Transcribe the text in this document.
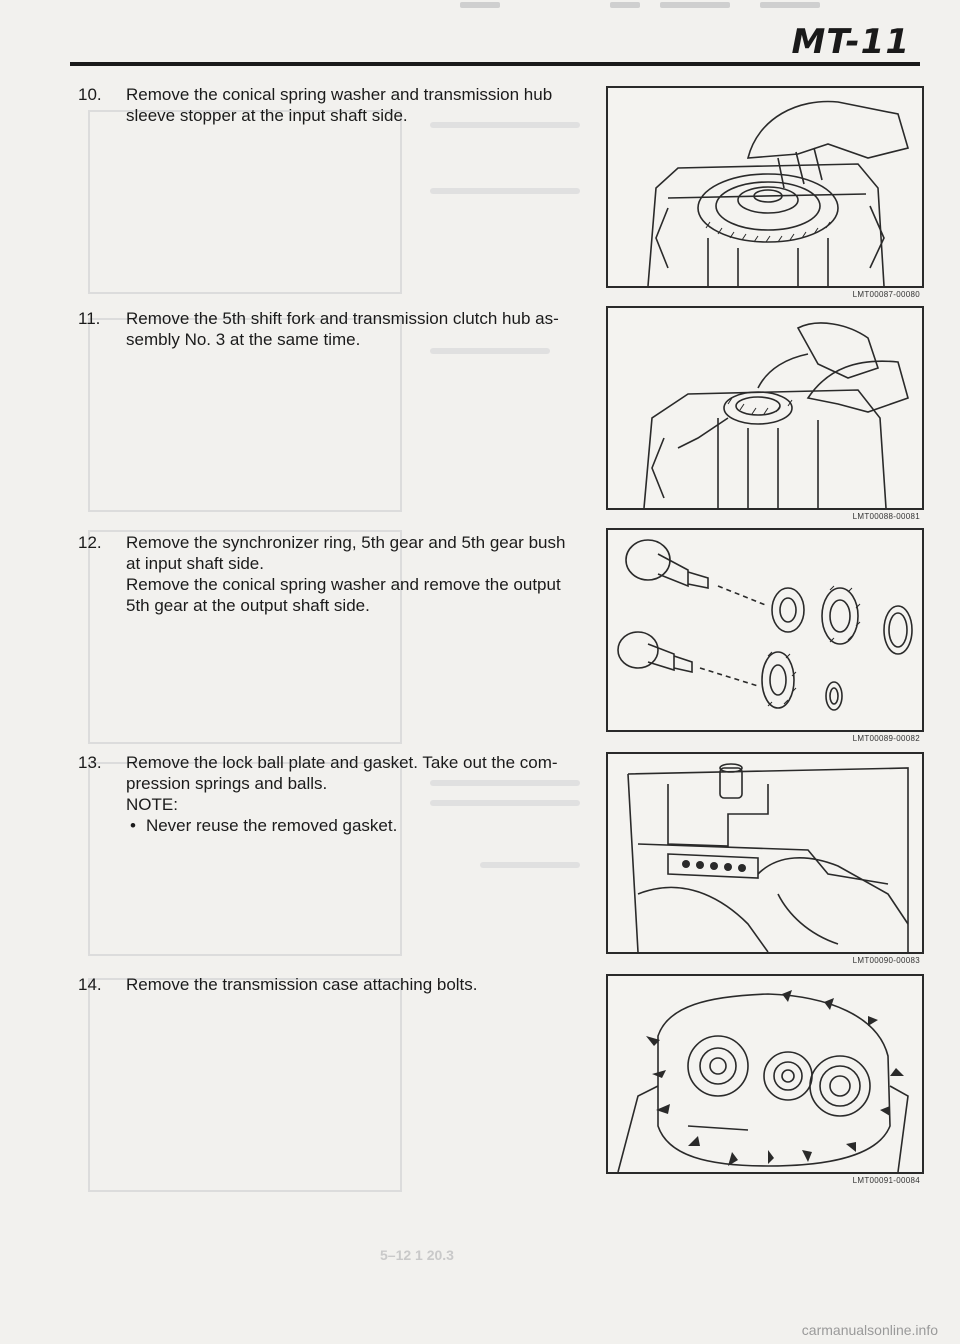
MT-11
10. Remove the conical spring washer and transmission hub

sleeve stopper at the input shaft side.

LMT00087-00080
11. Remove the 5th shift fork and transmission clutch hub as-

sembly No. 3 at the same time.

LMT00088-00081
12. Remove the synchronizer ring, 5th gear and 5th gear bush

at input shaft side.

Remove the conical spring washer and remove the output

5th gear at the output shaft side.

LMT00089-00082
13. Remove the lock ball plate and gasket. Take out the com-

pression springs and balls.

NOTE:

• Never reuse the removed gasket.

LMT00090-00083
14. Remove the transmission case attaching bolts.

LMT00091-00084
5–12 1 20.3
carmanualsonline.info
